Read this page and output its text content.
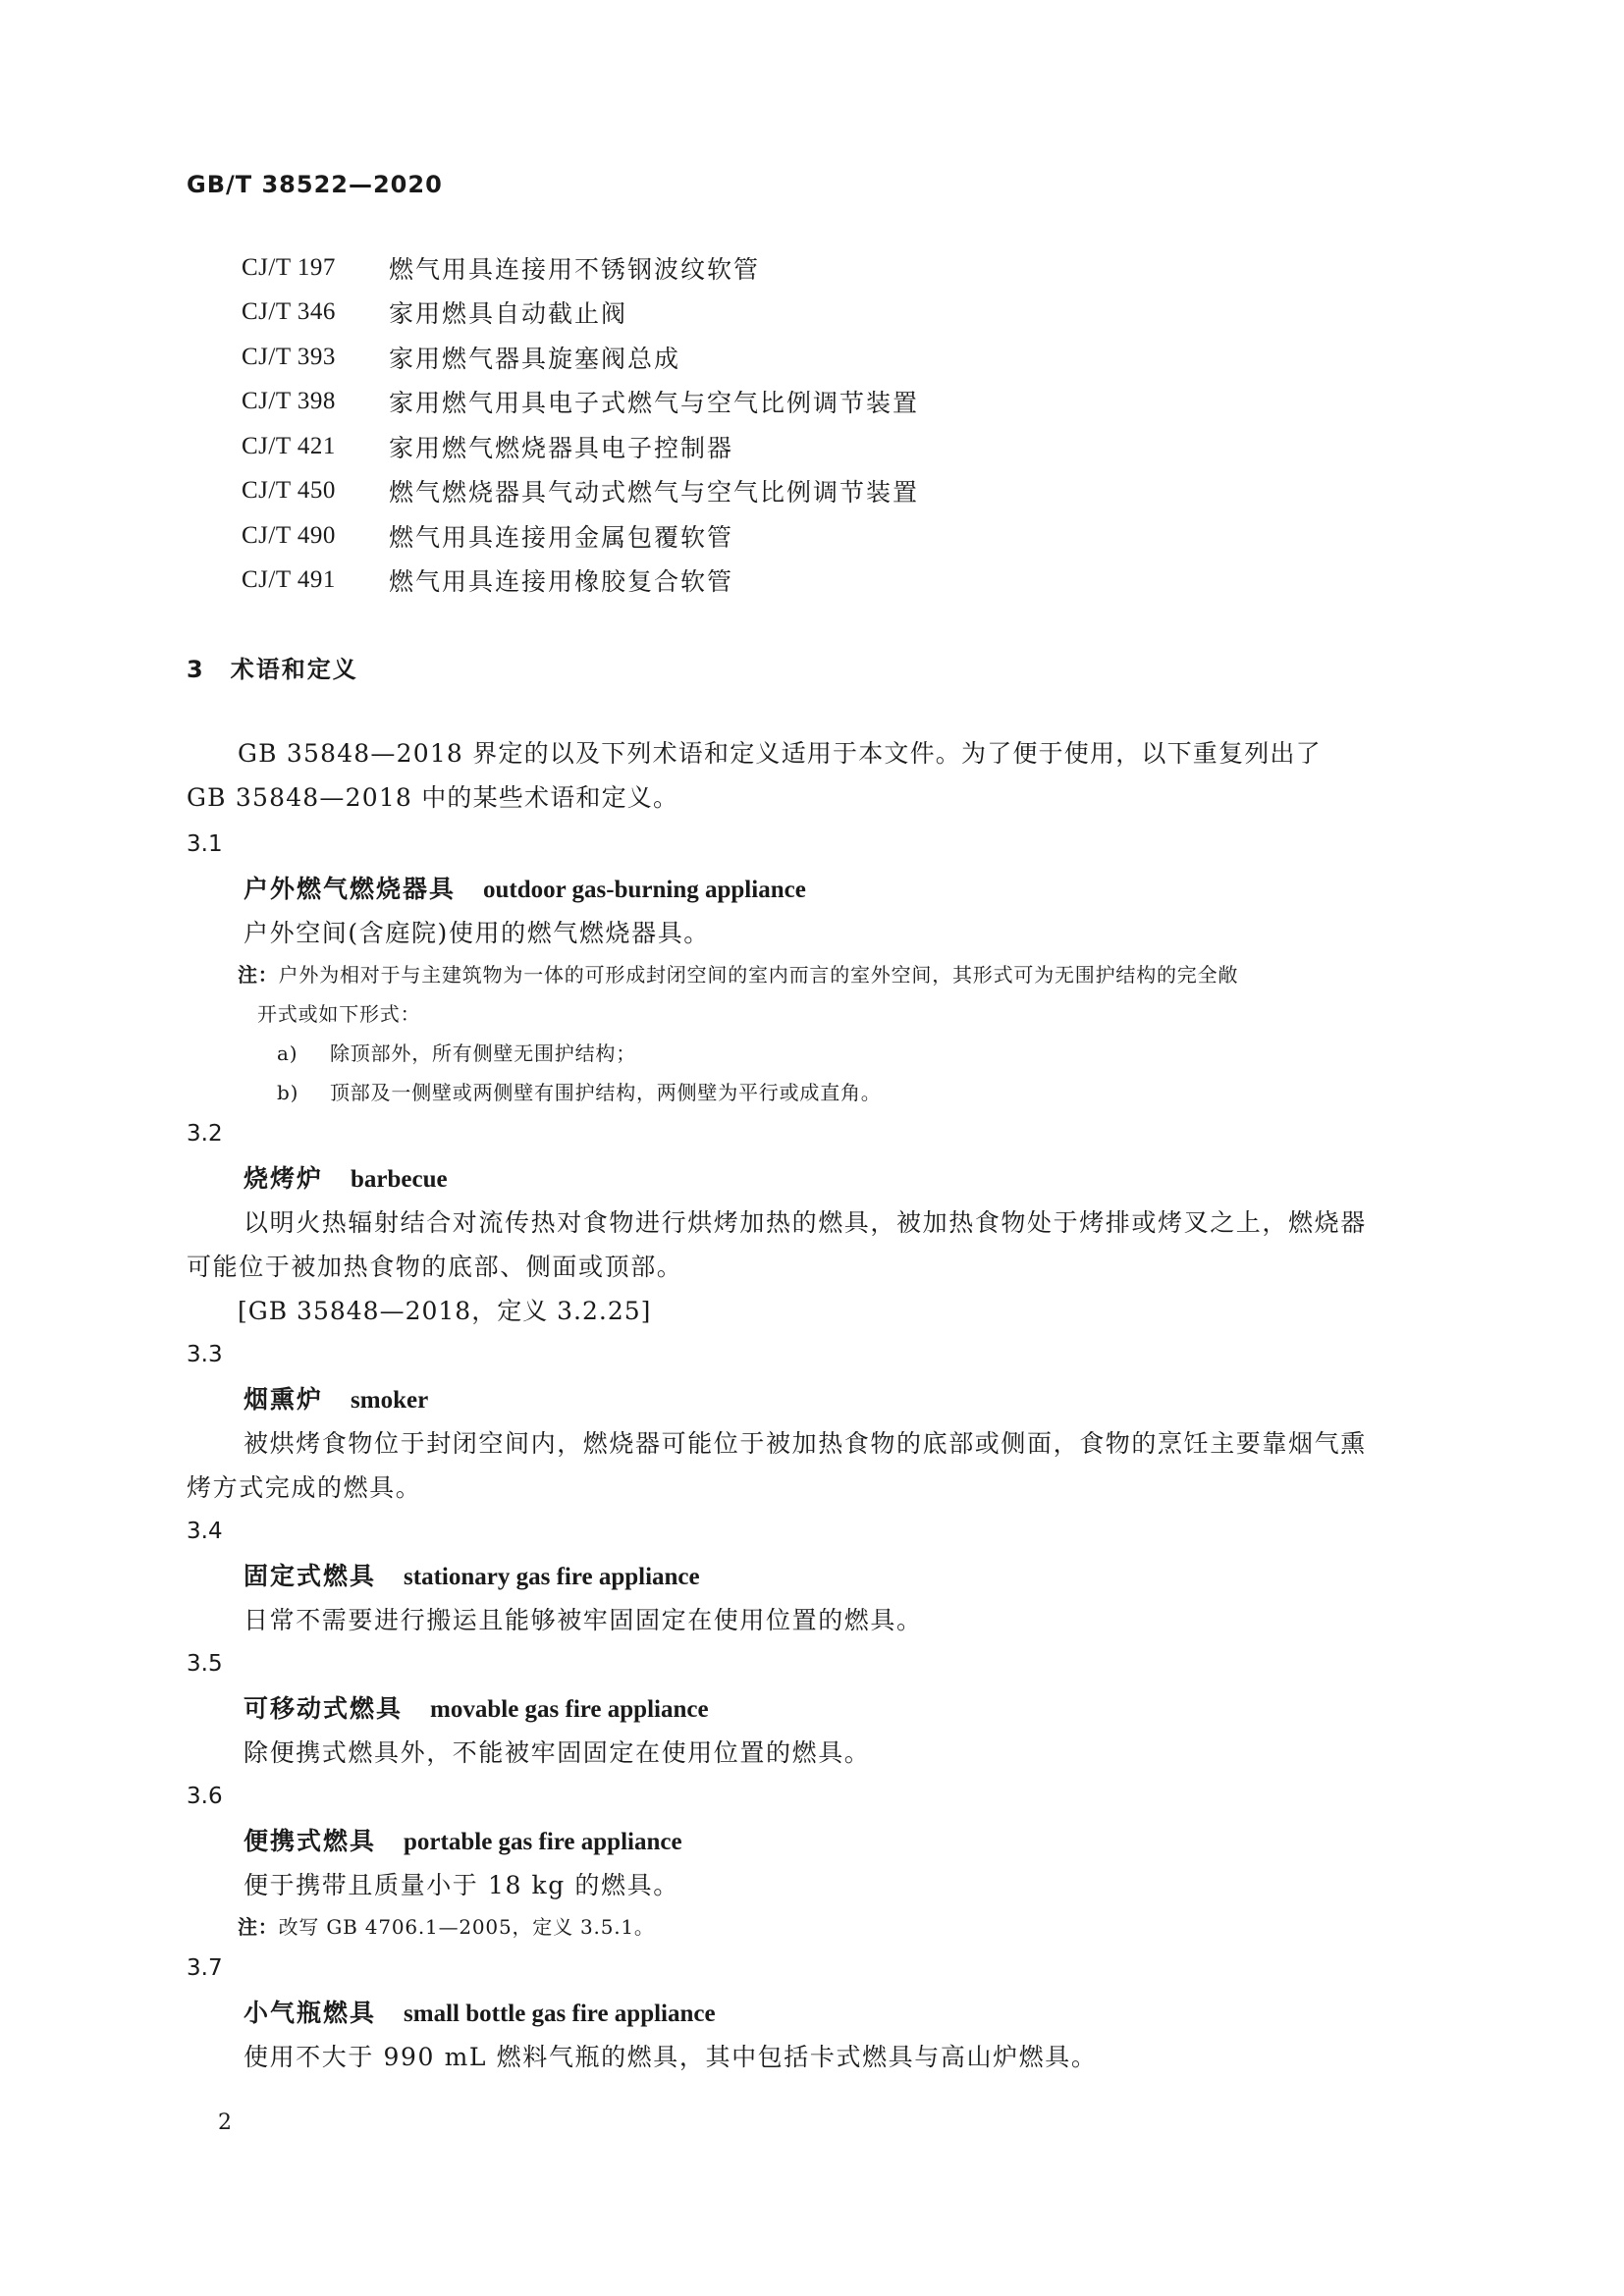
GB/T 38522—2020
CJ/T 197	燃气用具连接用不锈钢波纹软管
CJ/T 346	家用燃具自动截止阀
CJ/T 393	家用燃气器具旋塞阀总成
CJ/T 398	家用燃气用具电子式燃气与空气比例调节装置
CJ/T 421	家用燃气燃烧器具电子控制器
CJ/T 450	燃气燃烧器具气动式燃气与空气比例调节装置
CJ/T 490	燃气用具连接用金属包覆软管
CJ/T 491	燃气用具连接用橡胶复合软管
3 术语和定义
GB 35848—2018 界定的以及下列术语和定义适用于本文件。为了便于使用，以下重复列出了
GB 35848—2018 中的某些术语和定义。
3.1
户外燃气燃烧器具 outdoor gas-burning appliance
户外空间(含庭院)使用的燃气燃烧器具。
注：户外为相对于与主建筑物为一体的可形成封闭空间的室内而言的室外空间，其形式可为无围护结构的完全敞
开式或如下形式：
a) 除顶部外，所有侧壁无围护结构；
b) 顶部及一侧壁或两侧壁有围护结构，两侧壁为平行或成直角。
3.2
烧烤炉 barbecue
以明火热辐射结合对流传热对食物进行烘烤加热的燃具，被加热食物处于烤排或烤叉之上，燃烧器
可能位于被加热食物的底部、侧面或顶部。
[GB 35848—2018，定义 3.2.25]
3.3
烟熏炉 smoker
被烘烤食物位于封闭空间内，燃烧器可能位于被加热食物的底部或侧面，食物的烹饪主要靠烟气熏
烤方式完成的燃具。
3.4
固定式燃具 stationary gas fire appliance
日常不需要进行搬运且能够被牢固固定在使用位置的燃具。
3.5
可移动式燃具 movable gas fire appliance
除便携式燃具外，不能被牢固固定在使用位置的燃具。
3.6
便携式燃具 portable gas fire appliance
便于携带且质量小于 18 kg 的燃具。
注：改写 GB 4706.1—2005，定义 3.5.1。
3.7
小气瓶燃具 small bottle gas fire appliance
使用不大于 990 mL 燃料气瓶的燃具，其中包括卡式燃具与高山炉燃具。
2
